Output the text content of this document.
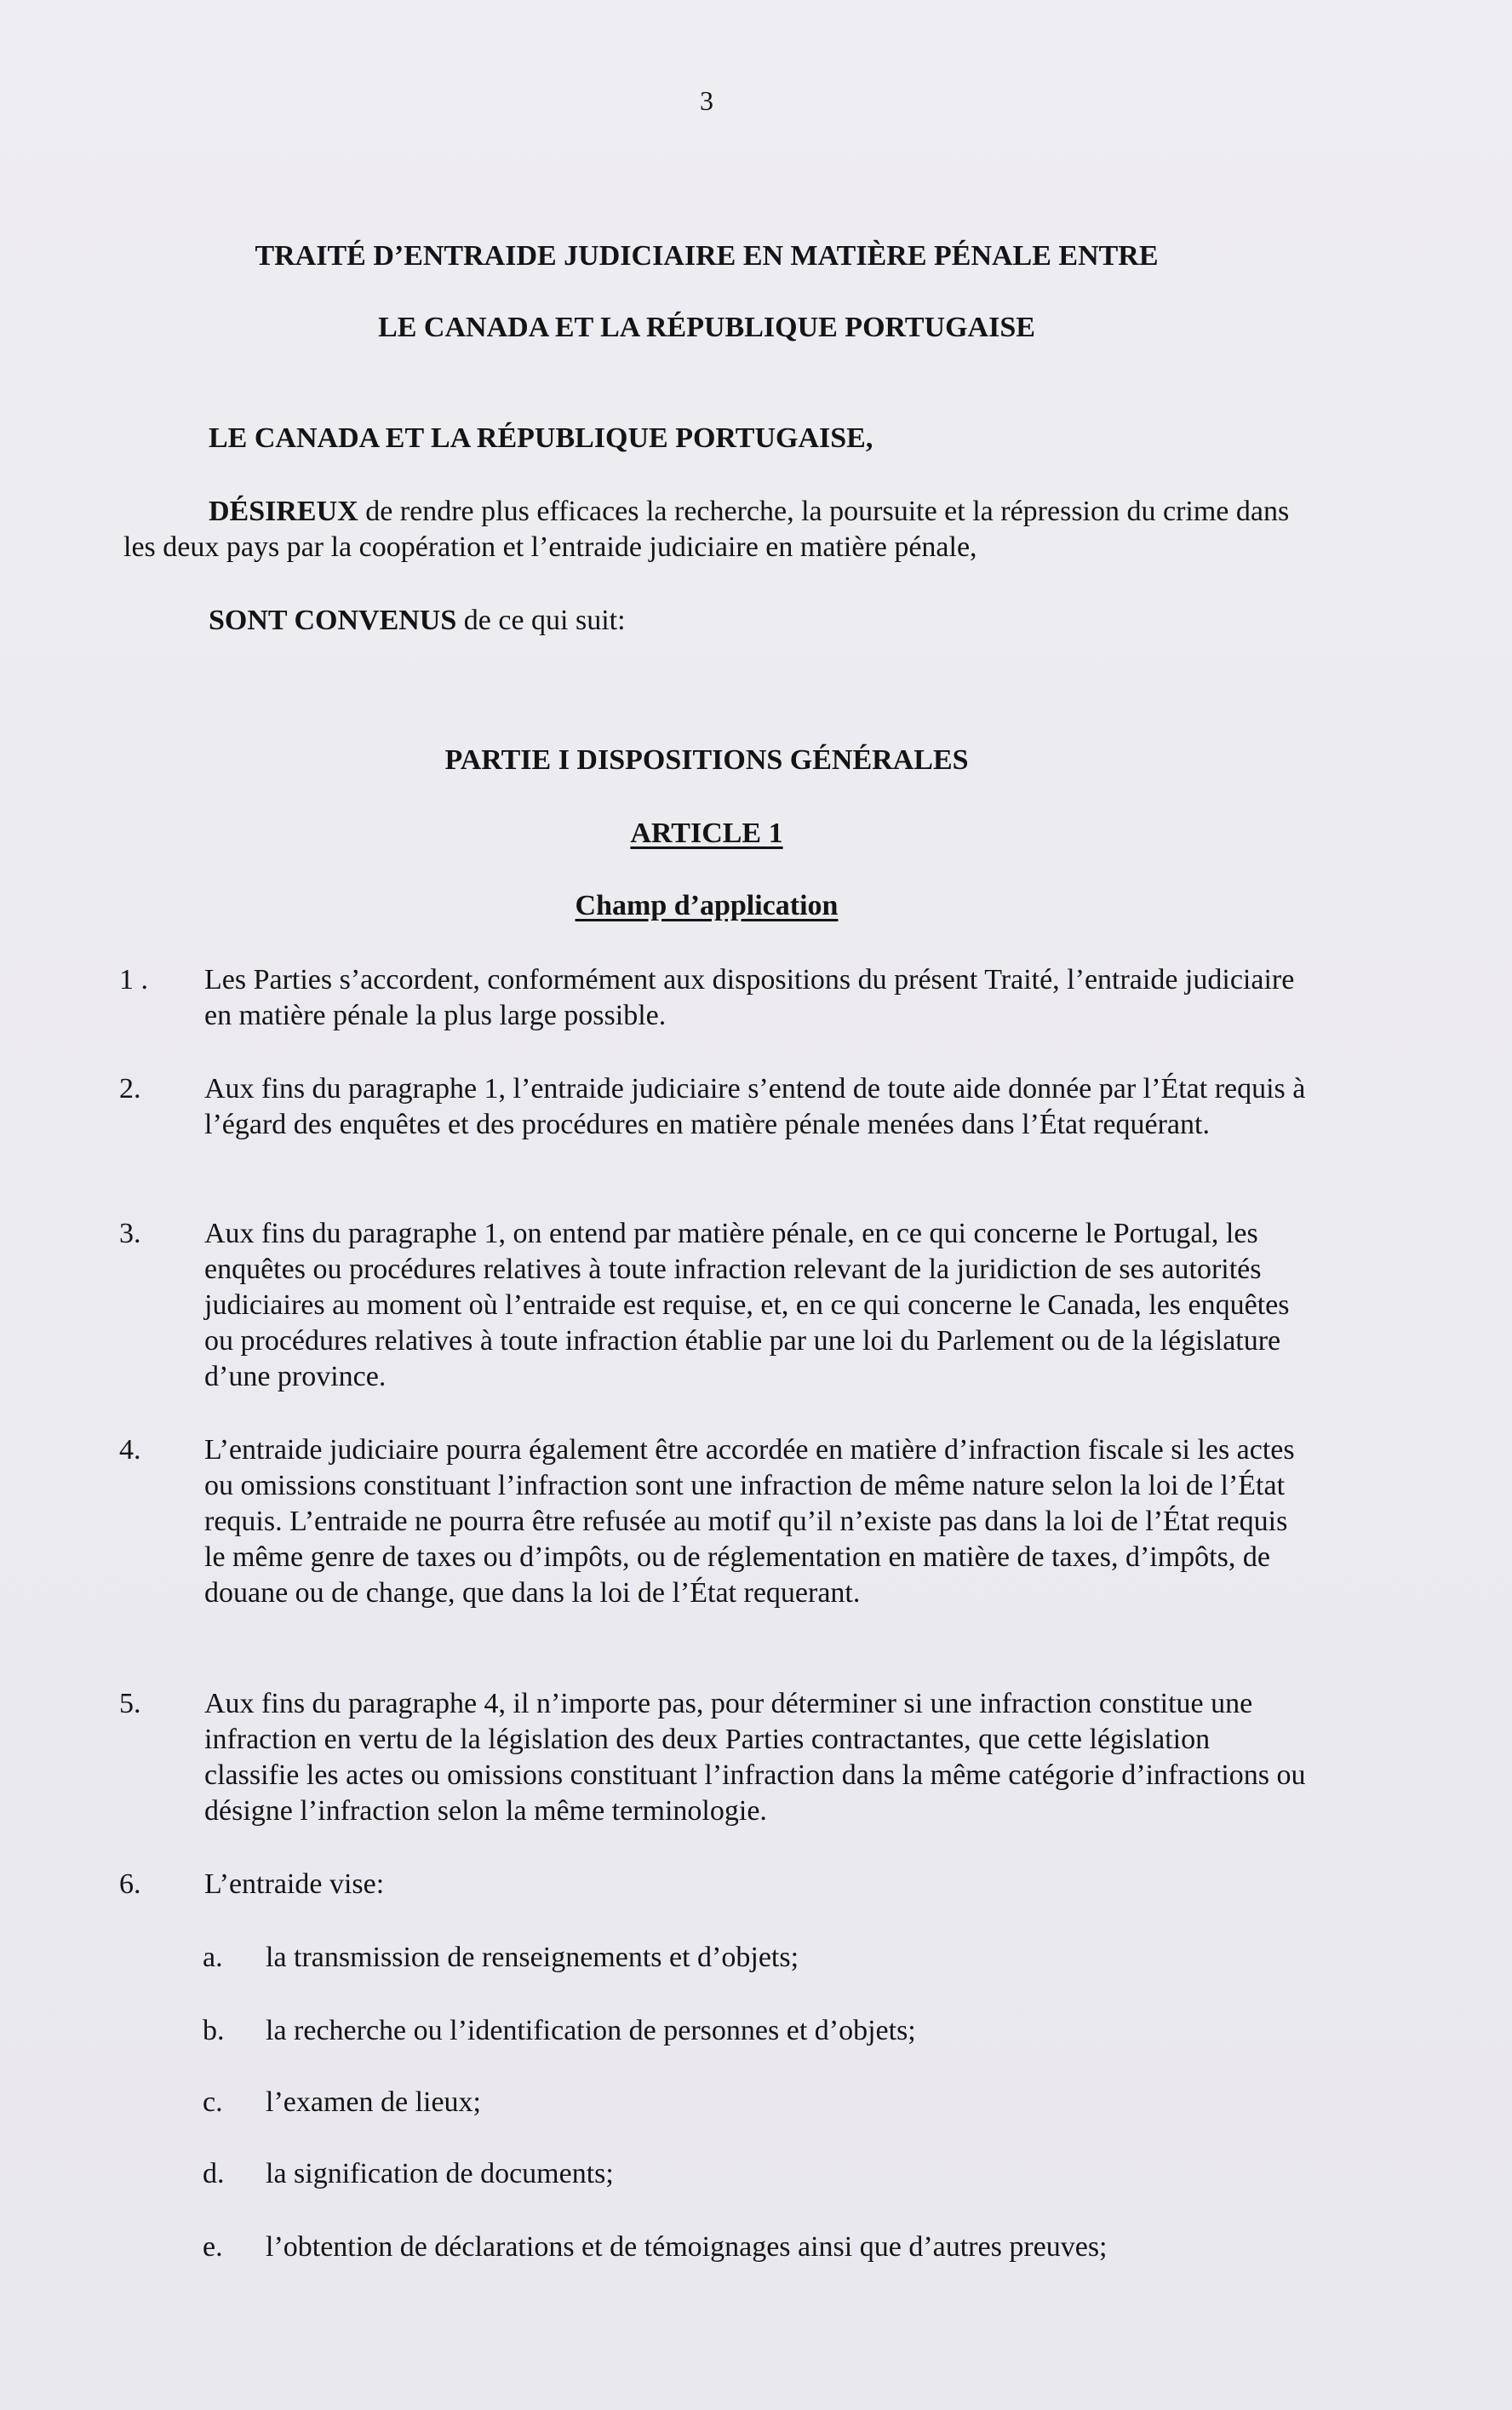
3
TRAITÉ D’ENTRAIDE JUDICIAIRE EN MATIÈRE PÉNALE ENTRE
LE CANADA ET LA RÉPUBLIQUE PORTUGAISE
LE CANADA ET LA RÉPUBLIQUE PORTUGAISE,
DÉSIREUX de rendre plus efficaces la recherche, la poursuite et la répression du crime dans les deux pays par la coopération et l’entraide judiciaire en matière pénale,
SONT CONVENUS de ce qui suit:
PARTIE I DISPOSITIONS GÉNÉRALES
ARTICLE 1
Champ d’application
1 . Les Parties s’accordent, conformément aux dispositions du présent Traité, l’entraide judiciaire en matière pénale la plus large possible.
2. Aux fins du paragraphe 1, l’entraide judiciaire s’entend de toute aide donnée par l’État requis à l’égard des enquêtes et des procédures en matière pénale menées dans l’État requérant.
3. Aux fins du paragraphe 1, on entend par matière pénale, en ce qui concerne le Portugal, les enquêtes ou procédures relatives à toute infraction relevant de la juridiction de ses autorités judiciaires au moment où l’entraide est requise, et, en ce qui concerne le Canada, les enquêtes ou procédures relatives à toute infraction établie par une loi du Parlement ou de la législature d’une province.
4. L’entraide judiciaire pourra également être accordée en matière d’infraction fiscale si les actes ou omissions constituant l’infraction sont une infraction de même nature selon la loi de l’État requis. L’entraide ne pourra être refusée au motif qu’il n’existe pas dans la loi de l’État requis le même genre de taxes ou d’impôts, ou de réglementation en matière de taxes, d’impôts, de douane ou de change, que dans la loi de l’État requerant.
5. Aux fins du paragraphe 4, il n’importe pas, pour déterminer si une infraction constitue une infraction en vertu de la législation des deux Parties contractantes, que cette législation classifie les actes ou omissions constituant l’infraction dans la même catégorie d’infractions ou désigne l’infraction selon la même terminologie.
6. L’entraide vise:
a. la transmission de renseignements et d’objets;
b. la recherche ou l’identification de personnes et d’objets;
c. l’examen de lieux;
d. la signification de documents;
e. l’obtention de déclarations et de témoignages ainsi que d’autres preuves;
